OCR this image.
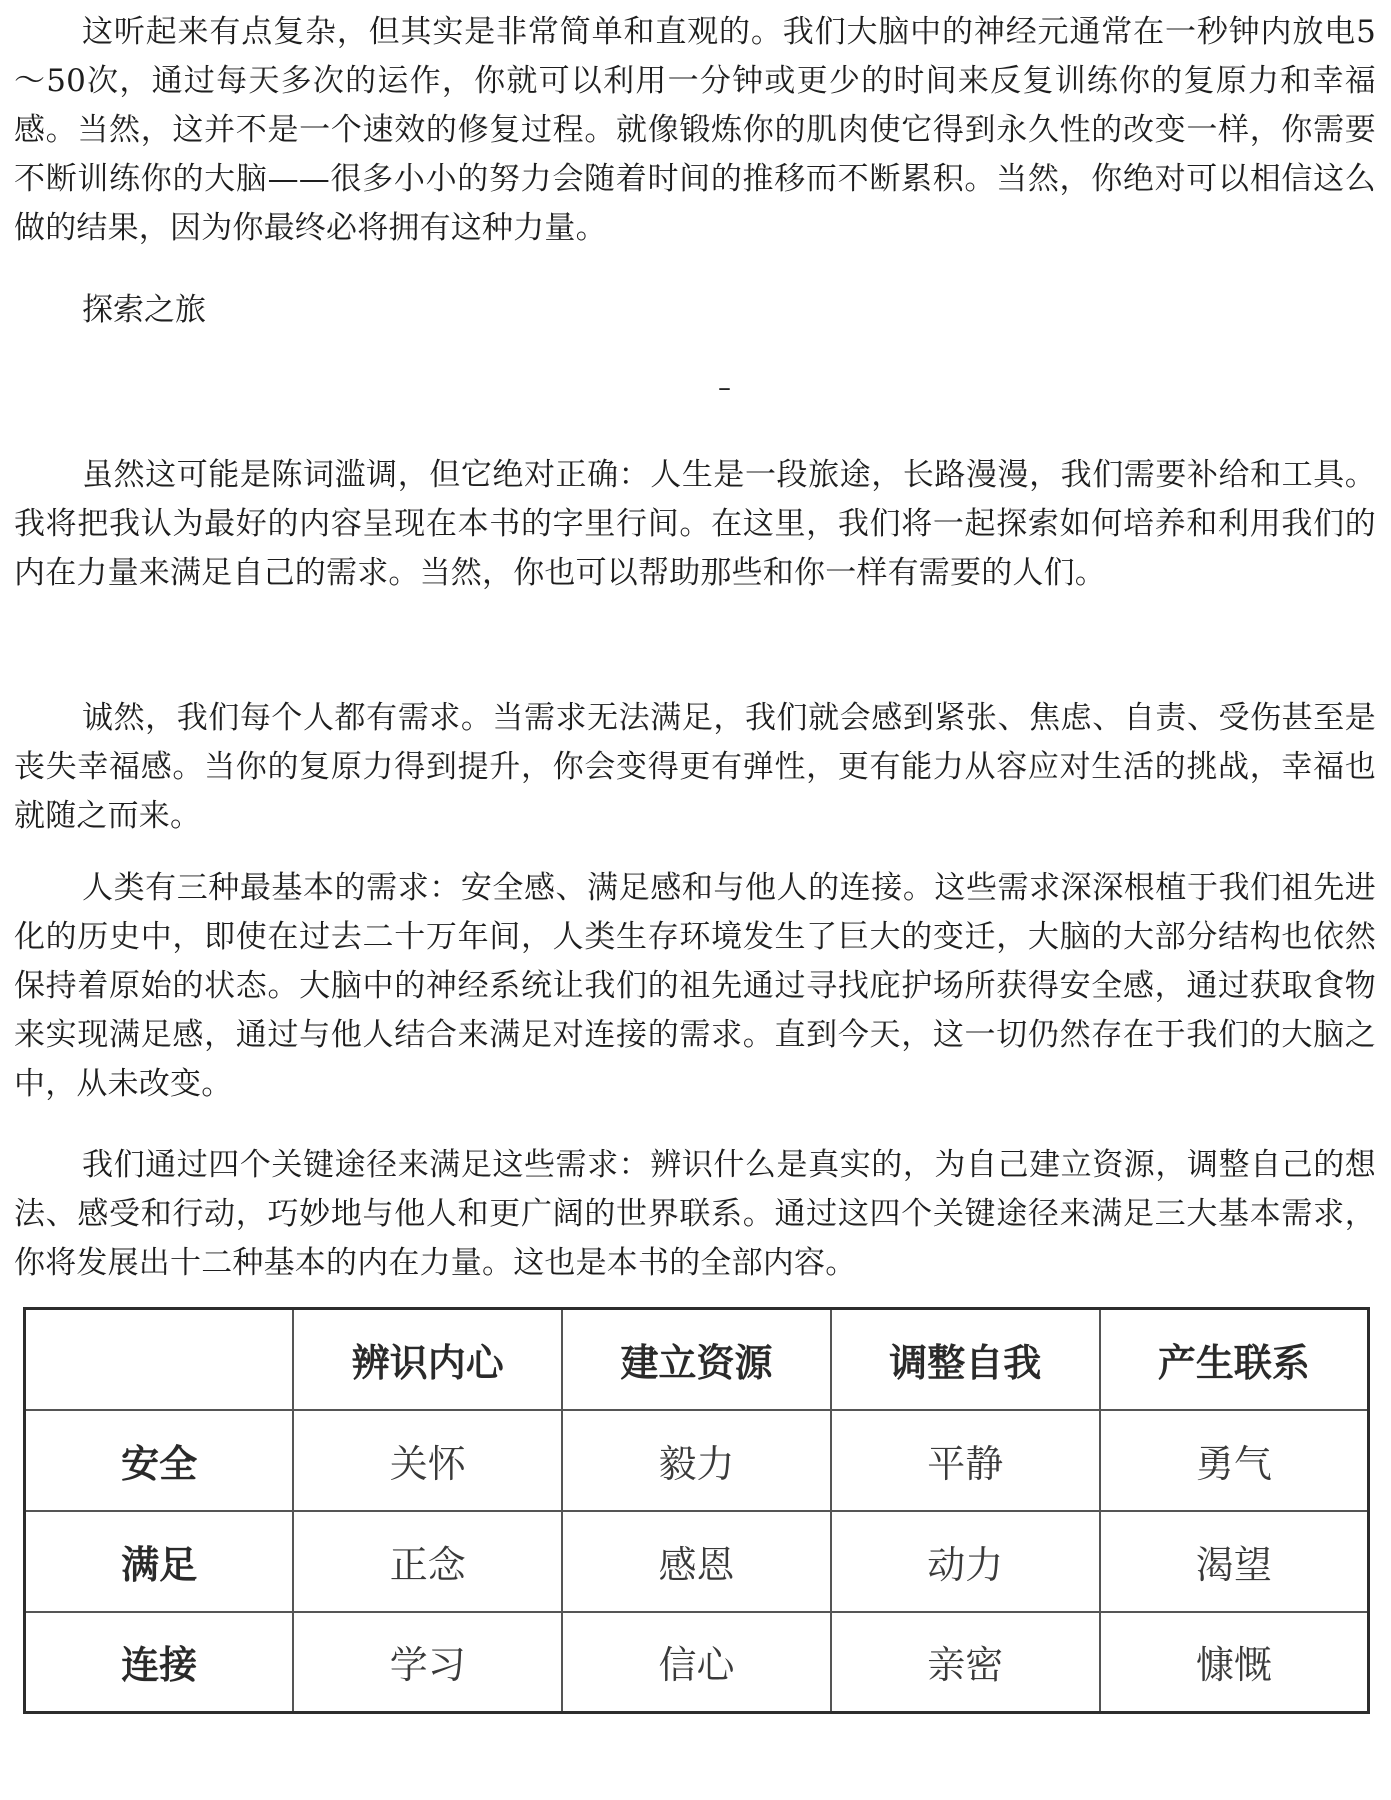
这听起来有点复杂，但其实是非常简单和直观的。我们大脑中的神经元通常在一秒钟内放电5～50次，通过每天多次的运作，你就可以利用一分钟或更少的时间来反复训练你的复原力和幸福感。当然，这并不是一个速效的修复过程。就像锻炼你的肌肉使它得到永久性的改变一样，你需要不断训练你的大脑——很多小小的努力会随着时间的推移而不断累积。当然，你绝对可以相信这么做的结果，因为你最终必将拥有这种力量。

探索之旅

–

虽然这可能是陈词滥调，但它绝对正确：人生是一段旅途，长路漫漫，我们需要补给和工具。我将把我认为最好的内容呈现在本书的字里行间。在这里，我们将一起探索如何培养和利用我们的内在力量来满足自己的需求。当然，你也可以帮助那些和你一样有需要的人们。

诚然，我们每个人都有需求。当需求无法满足，我们就会感到紧张、焦虑、自责、受伤甚至是丧失幸福感。当你的复原力得到提升，你会变得更有弹性，更有能力从容应对生活的挑战，幸福也就随之而来。

人类有三种最基本的需求：安全感、满足感和与他人的连接。这些需求深深根植于我们祖先进化的历史中，即使在过去二十万年间，人类生存环境发生了巨大的变迁，大脑的大部分结构也依然保持着原始的状态。大脑中的神经系统让我们的祖先通过寻找庇护场所获得安全感，通过获取食物来实现满足感，通过与他人结合来满足对连接的需求。直到今天，这一切仍然存在于我们的大脑之中，从未改变。

我们通过四个关键途径来满足这些需求：辨识什么是真实的，为自己建立资源，调整自己的想法、感受和行动，巧妙地与他人和更广阔的世界联系。通过这四个关键途径来满足三大基本需求，你将发展出十二种基本的内在力量。这也是本书的全部内容。

	辨识内心	建立资源	调整自我	产生联系
安全	关怀	毅力	平静	勇气
满足	正念	感恩	动力	渴望
连接	学习	信心	亲密	慷慨
